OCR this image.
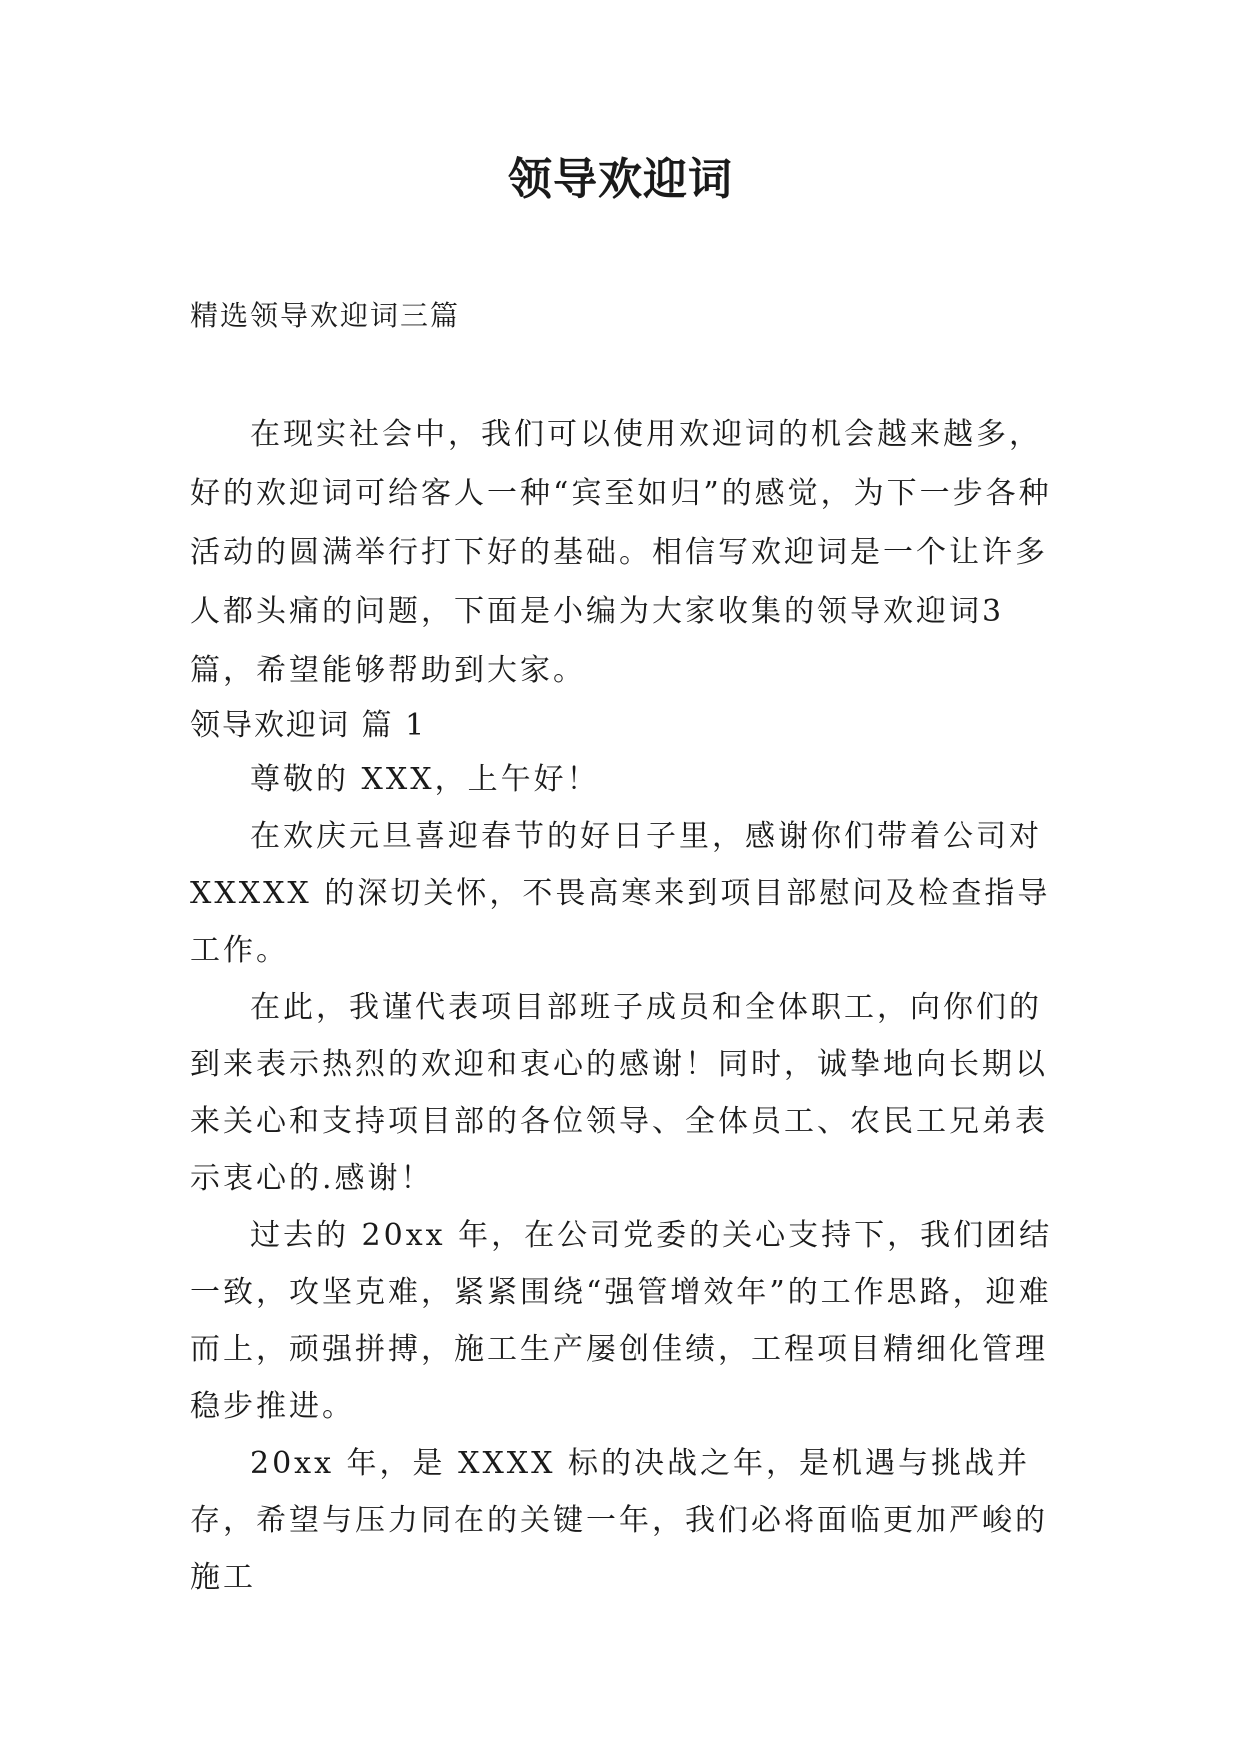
领导欢迎词
精选领导欢迎词三篇

在现实社会中，我们可以使用欢迎词的机会越来越多，好的欢迎词可给客人一种“宾至如归”的感觉，为下一步各种活动的圆满举行打下好的基础。相信写欢迎词是一个让许多人都头痛的问题，下面是小编为大家收集的领导欢迎词3篇，希望能够帮助到大家。

领导欢迎词 篇 1

尊敬的 XXX，上午好！

在欢庆元旦喜迎春节的好日子里，感谢你们带着公司对 XXXXX 的深切关怀，不畏高寒来到项目部慰问及检查指导工作。

在此，我谨代表项目部班子成员和全体职工，向你们的到来表示热烈的欢迎和衷心的感谢！同时，诚挚地向长期以来关心和支持项目部的各位领导、全体员工、农民工兄弟表示衷心的.感谢！

过去的 20xx 年，在公司党委的关心支持下，我们团结一致，攻坚克难，紧紧围绕“强管增效年”的工作思路，迎难而上，顽强拼搏，施工生产屡创佳绩，工程项目精细化管理稳步推进。

20xx 年，是 XXXX 标的决战之年，是机遇与挑战并存，希望与压力同在的关键一年，我们必将面临更加严峻的施工
